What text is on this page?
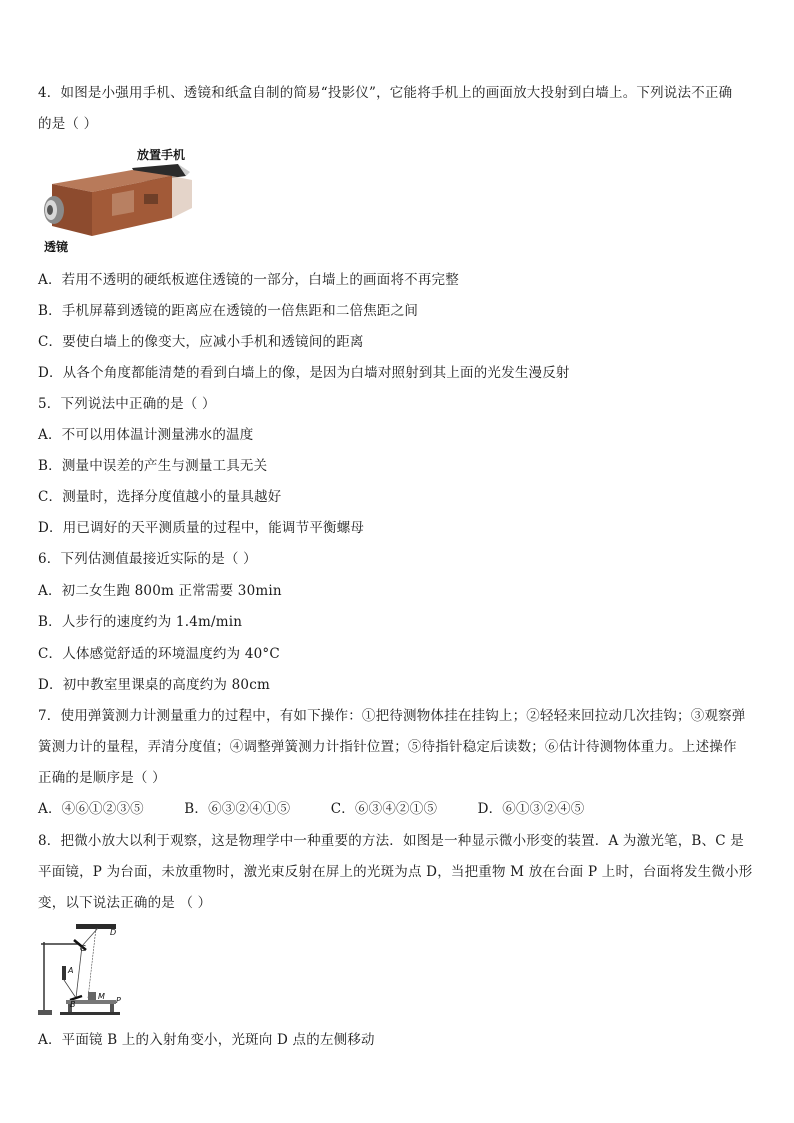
4．如图是小强用手机、透镜和纸盒自制的简易“投影仪”，它能将手机上的画面放大投射到白墙上。下列说法不正确
的是（ ）
放置手机
透镜
A．若用不透明的硬纸板遮住透镜的一部分，白墙上的画面将不再完整
B．手机屏幕到透镜的距离应在透镜的一倍焦距和二倍焦距之间
C．要使白墙上的像变大，应减小手机和透镜间的距离
D．从各个角度都能清楚的看到白墙上的像，是因为白墙对照射到其上面的光发生漫反射
5．下列说法中正确的是（ ）
A．不可以用体温计测量沸水的温度
B．测量中误差的产生与测量工具无关
C．测量时，选择分度值越小的量具越好
D．用已调好的天平测质量的过程中，能调节平衡螺母
6．下列估测值最接近实际的是（ ）
A．初二女生跑 800m 正常需要 30min
B．人步行的速度约为 1.4m/min
C．人体感觉舒适的环境温度约为 40°C
D．初中教室里课桌的高度约为 80cm
7．使用弹簧测力计测量重力的过程中，有如下操作：①把待测物体挂在挂钩上；②轻轻来回拉动几次挂钩；③观察弹
簧测力计的量程，弄清分度值；④调整弹簧测力计指针位置；⑤待指针稳定后读数；⑥估计待测物体重力。上述操作
正确的是顺序是（ ）
A．④⑥①②③⑤         B．⑥③②④①⑤         C．⑥③④②①⑤         D．⑥①③②④⑤
8．把微小放大以利于观察，这是物理学中一种重要的方法．如图是一种显示微小形变的装置．A 为激光笔，B、C 是
平面镜，P 为台面，未放重物时，激光束反射在屏上的光斑为点 D，当把重物 M 放在台面 P 上时，台面将发生微小形
变，以下说法正确的是 （ ）
D
C
A
B
M P
A．平面镜 B 上的入射角变小，光斑向 D 点的左侧移动
